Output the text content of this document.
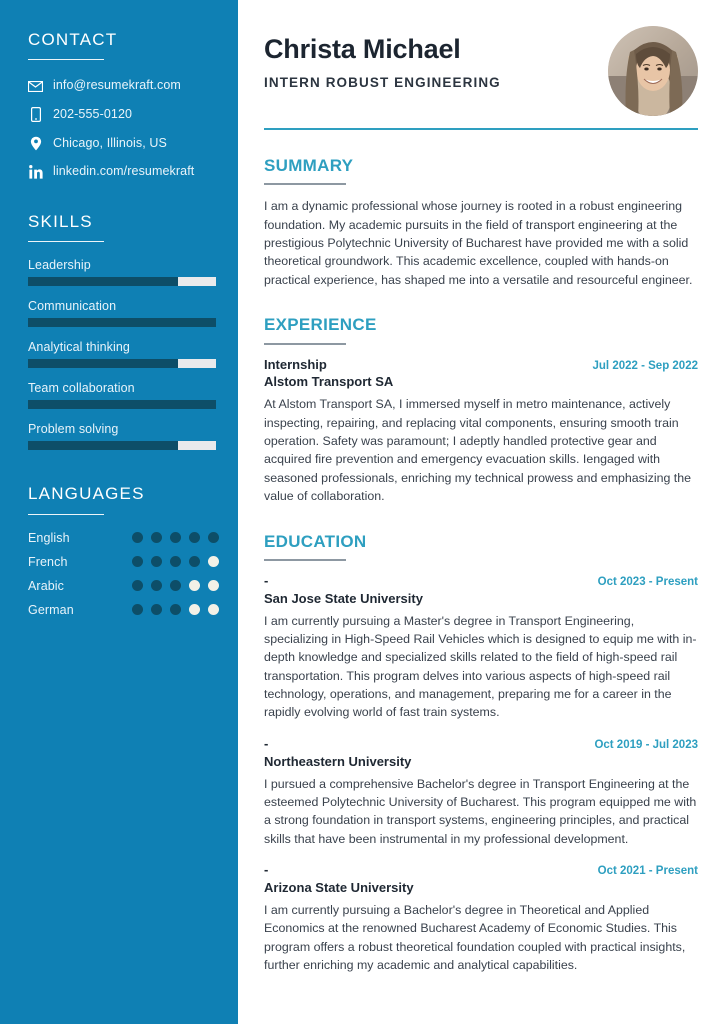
CONTACT
info@resumekraft.com
202-555-0120
Chicago, Illinois, US
linkedin.com/resumekraft
SKILLS
Leadership
Communication
Analytical thinking
Team collaboration
Problem solving
LANGUAGES
English
French
Arabic
German
Christa Michael
INTERN ROBUST ENGINEERING
SUMMARY

I am a dynamic professional whose journey is rooted in a robust engineering foundation. My academic pursuits in the field of transport engineering at the prestigious Polytechnic University of Bucharest have provided me with a solid theoretical groundwork. This academic excellence, coupled with hands-on practical experience, has shaped me into a versatile and resourceful engineer.

EXPERIENCE
Internship	Jul 2022 - Sep 2022
Alstom Transport SA
At Alstom Transport SA, I immersed myself in metro maintenance, actively inspecting, repairing, and replacing vital components, ensuring smooth train operation. Safety was paramount; I adeptly handled protective gear and acquired fire prevention and emergency evacuation skills. Iengaged with seasoned professionals, enriching my technical prowess and emphasizing the value of collaboration.
EDUCATION
-	Oct 2023 - Present
San Jose State University
I am currently pursuing a Master's degree in Transport Engineering, specializing in High-Speed Rail Vehicles which is designed to equip me with in-depth knowledge and specialized skills related to the field of high-speed rail transportation. This program delves into various aspects of high-speed rail technology, operations, and management, preparing me for a career in the rapidly evolving world of fast train systems.
-	Oct 2019 - Jul 2023
Northeastern University
I pursued a comprehensive Bachelor's degree in Transport Engineering at the esteemed Polytechnic University of Bucharest. This program equipped me with a strong foundation in transport systems, engineering principles, and practical skills that have been instrumental in my professional development.
-	Oct 2021 - Present
Arizona State University
I am currently pursuing a Bachelor's degree in Theoretical and Applied Economics at the renowned Bucharest Academy of Economic Studies. This program offers a robust theoretical foundation coupled with practical insights, further enriching my academic and analytical capabilities.
